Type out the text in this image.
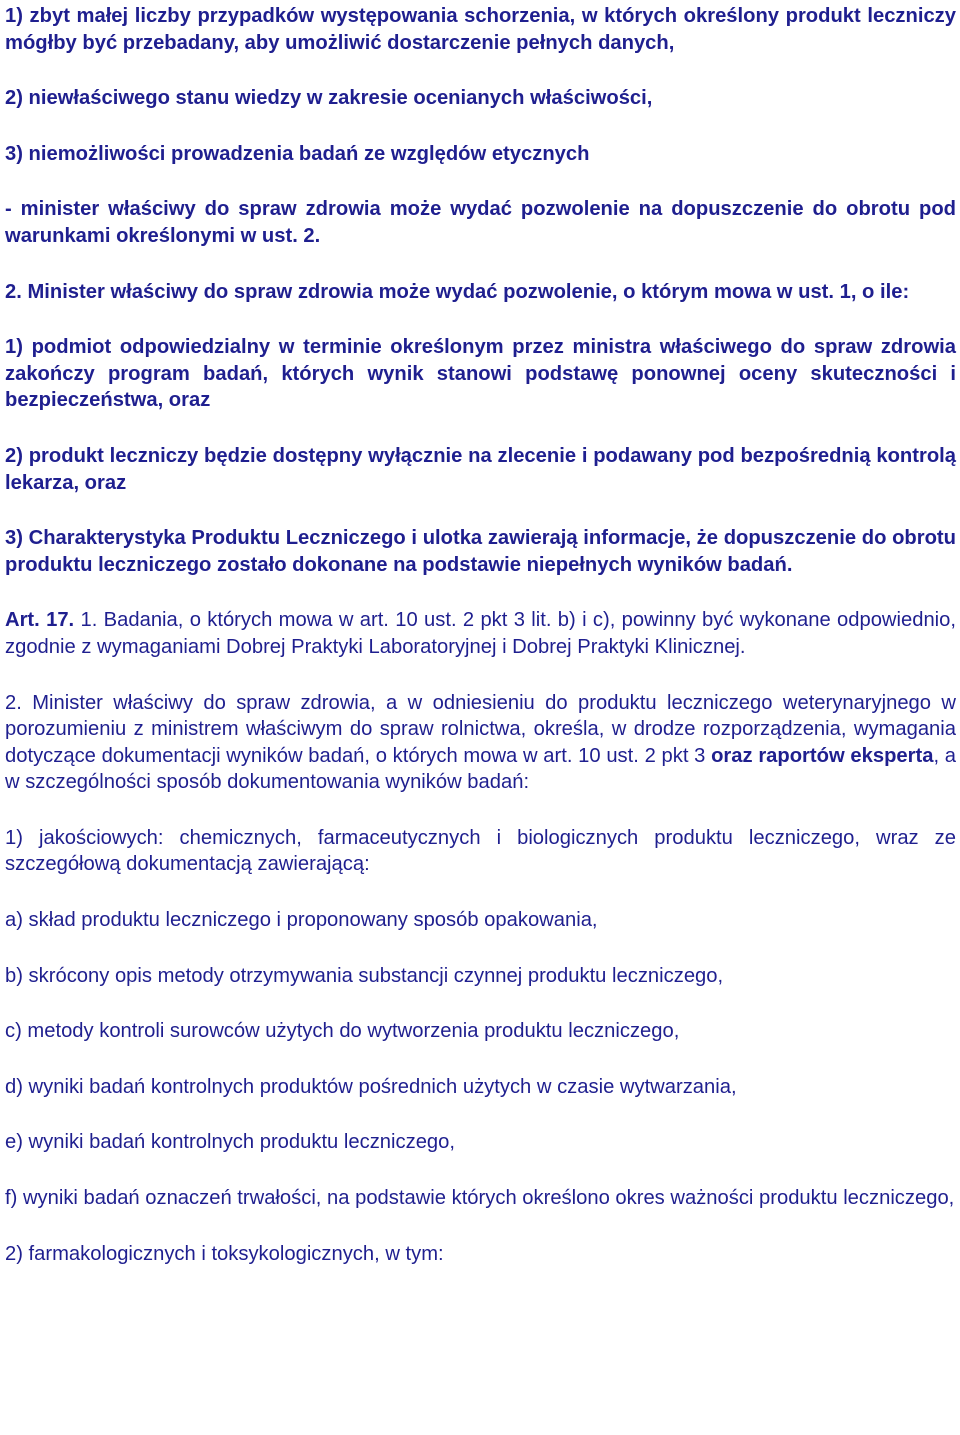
1) zbyt małej liczby przypadków występowania schorzenia, w których określony produkt leczniczy mógłby być przebadany, aby umożliwić dostarczenie pełnych danych,

2) niewłaściwego stanu wiedzy w zakresie ocenianych właściwości,

3) niemożliwości prowadzenia badań ze względów etycznych

- minister właściwy do spraw zdrowia może wydać pozwolenie na dopuszczenie do obrotu pod warunkami określonymi w ust. 2.

2. Minister właściwy do spraw zdrowia może wydać pozwolenie, o którym mowa w ust. 1, o ile:

1) podmiot odpowiedzialny w terminie określonym przez ministra właściwego do spraw zdrowia zakończy program badań, których wynik stanowi podstawę ponownej oceny skuteczności i bezpieczeństwa, oraz

2) produkt leczniczy będzie dostępny wyłącznie na zlecenie i podawany pod bezpośrednią kontrolą lekarza, oraz

3) Charakterystyka Produktu Leczniczego i ulotka zawierają informacje, że dopuszczenie do obrotu produktu leczniczego zostało dokonane na podstawie niepełnych wyników badań.

Art. 17. 1. Badania, o których mowa w art. 10 ust. 2 pkt 3 lit. b) i c), powinny być wykonane odpowiednio, zgodnie z wymaganiami Dobrej Praktyki Laboratoryjnej i Dobrej Praktyki Klinicznej.

2. Minister właściwy do spraw zdrowia, a w odniesieniu do produktu leczniczego weterynaryjnego w porozumieniu z ministrem właściwym do spraw rolnictwa, określa, w drodze rozporządzenia, wymagania dotyczące dokumentacji wyników badań, o których mowa w art. 10 ust. 2 pkt 3 oraz raportów eksperta, a w szczególności sposób dokumentowania wyników badań:

1) jakościowych: chemicznych, farmaceutycznych i biologicznych produktu leczniczego, wraz ze szczegółową dokumentacją zawierającą:

a) skład produktu leczniczego i proponowany sposób opakowania,

b) skrócony opis metody otrzymywania substancji czynnej produktu leczniczego,

c) metody kontroli surowców użytych do wytworzenia produktu leczniczego,

d) wyniki badań kontrolnych produktów pośrednich użytych w czasie wytwarzania,

e) wyniki badań kontrolnych produktu leczniczego,

f) wyniki badań oznaczeń trwałości, na podstawie których określono okres ważności produktu leczniczego,

2) farmakologicznych i toksykologicznych, w tym:
